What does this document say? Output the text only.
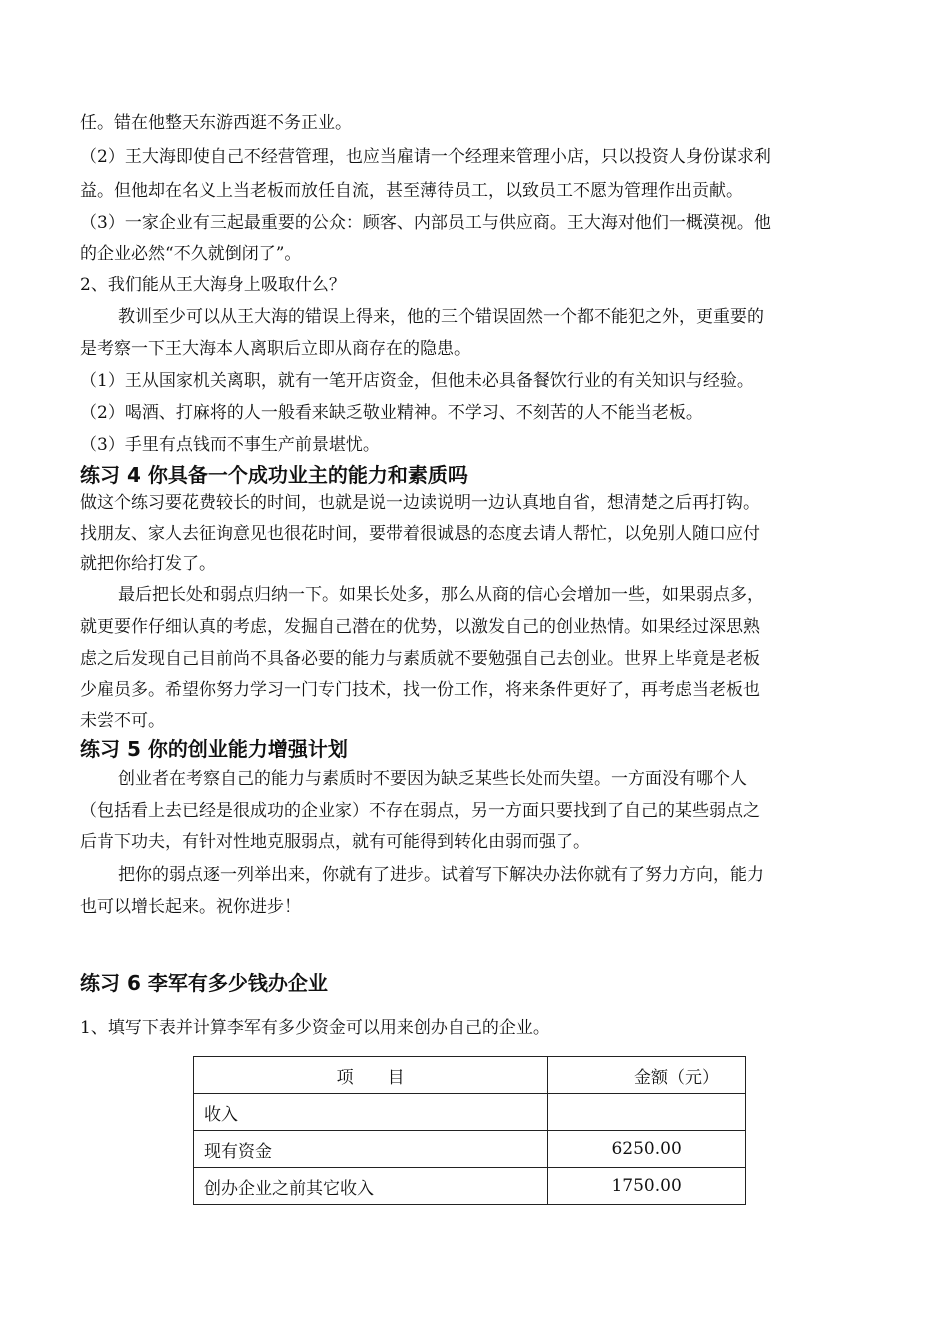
任。错在他整天东游西逛不务正业。
（2）王大海即使自己不经营管理，也应当雇请一个经理来管理小店，只以投资人身份谋求利
益。但他却在名义上当老板而放任自流，甚至薄待员工，以致员工不愿为管理作出贡献。
（3）一家企业有三起最重要的公众：顾客、内部员工与供应商。王大海对他们一概漠视。他
的企业必然“不久就倒闭了”。
2、我们能从王大海身上吸取什么？
教训至少可以从王大海的错误上得来，他的三个错误固然一个都不能犯之外，更重要的
是考察一下王大海本人离职后立即从商存在的隐患。
（1）王从国家机关离职，就有一笔开店资金，但他未必具备餐饮行业的有关知识与经验。
（2）喝酒、打麻将的人一般看来缺乏敬业精神。不学习、不刻苦的人不能当老板。
（3）手里有点钱而不事生产前景堪忧。
练习 4 你具备一个成功业主的能力和素质吗
做这个练习要花费较长的时间，也就是说一边读说明一边认真地自省，想清楚之后再打钩。
找朋友、家人去征询意见也很花时间，要带着很诚恳的态度去请人帮忙，以免别人随口应付
就把你给打发了。
最后把长处和弱点归纳一下。如果长处多，那么从商的信心会增加一些，如果弱点多，
就更要作仔细认真的考虑，发掘自己潜在的优势，以激发自己的创业热情。如果经过深思熟
虑之后发现自己目前尚不具备必要的能力与素质就不要勉强自己去创业。世界上毕竟是老板
少雇员多。希望你努力学习一门专门技术，找一份工作，将来条件更好了，再考虑当老板也
未尝不可。
练习 5 你的创业能力增强计划
创业者在考察自己的能力与素质时不要因为缺乏某些长处而失望。一方面没有哪个人
（包括看上去已经是很成功的企业家）不存在弱点，另一方面只要找到了自己的某些弱点之
后肯下功夫，有针对性地克服弱点，就有可能得到转化由弱而强了。
把你的弱点逐一列举出来，你就有了进步。试着写下解决办法你就有了努力方向，能力
也可以增长起来。祝你进步！
练习 6 李军有多少钱办企业
1、填写下表并计算李军有多少资金可以用来创办自己的企业。
项　　目	金额（元）
收入	
现有资金	6250.00
创办企业之前其它收入	1750.00
